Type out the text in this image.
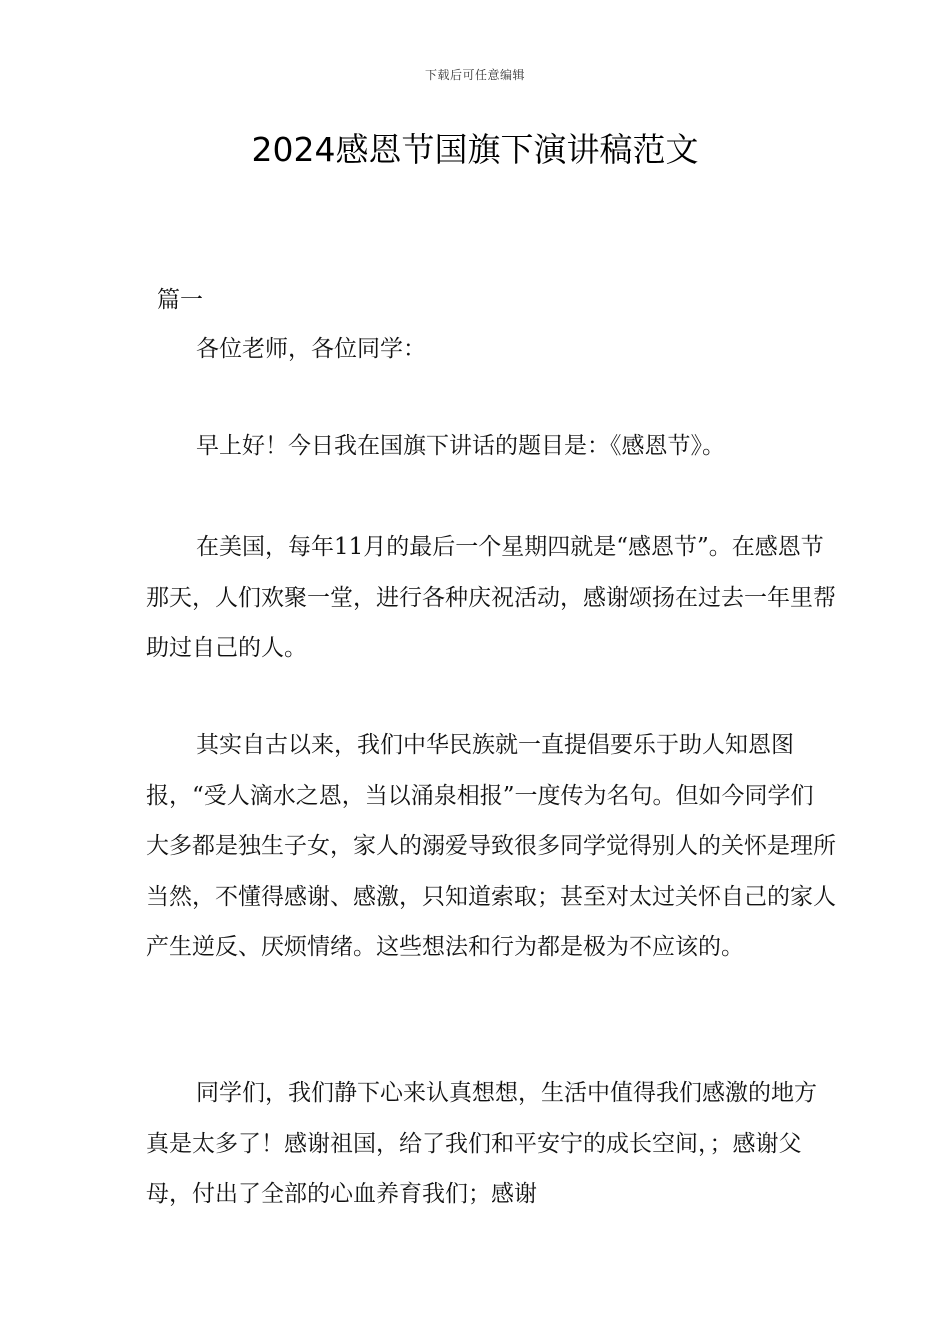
下载后可任意编辑
2024感恩节国旗下演讲稿范文

篇一

各位老师，各位同学：

早上好！今日我在国旗下讲话的题目是：《感恩节》。

在美国，每年11月的最后一个星期四就是“感恩节”。在感恩节那天，人们欢聚一堂，进行各种庆祝活动，感谢颂扬在过去一年里帮助过自己的人。

其实自古以来，我们中华民族就一直提倡要乐于助人知恩图报，“受人滴水之恩，当以涌泉相报”一度传为名句。但如今同学们大多都是独生子女，家人的溺爱导致很多同学觉得别人的关怀是理所当然，不懂得感谢、感激，只知道索取；甚至对太过关怀自己的家人产生逆反、厌烦情绪。这些想法和行为都是极为不应该的。

同学们，我们静下心来认真想想，生活中值得我们感激的地方真是太多了！感谢祖国，给了我们和平安宁的成长空间，；感谢父母，付出了全部的心血养育我们；感谢
